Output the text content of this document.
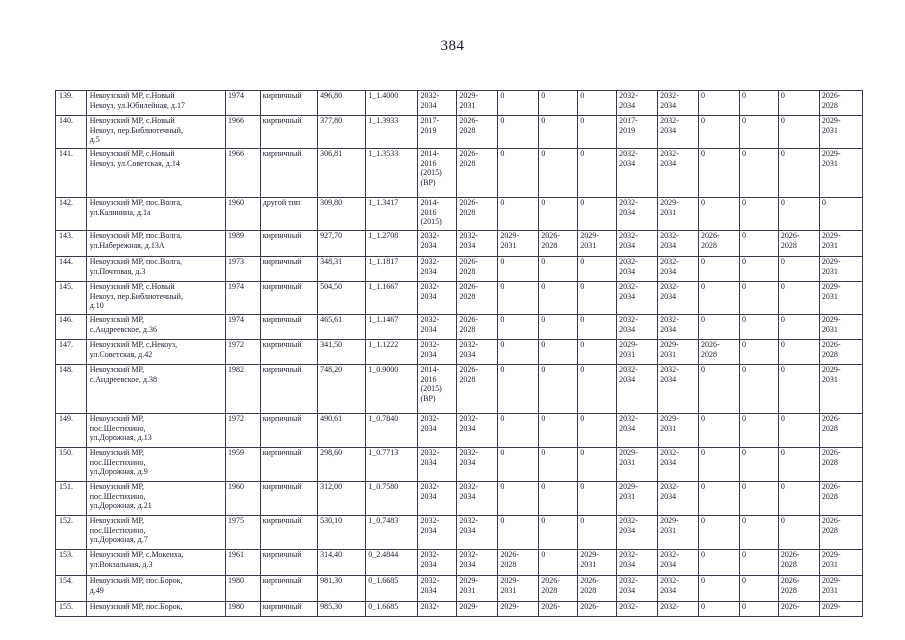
384
139.	Некоузский МР, с.Новый
Некоуз, ул.Юбилейная, д.17	1974	кирпичный	496,80	1_1.4000	2032-
2034	2029-
2031	0	0	0	2032-
2034	2032-
2034	0	0	0	2026-
2028
140.	Некоузский МР, с.Новый
Некоуз, пер.Библиотечный,
д.5	1966	кирпичный	377,80	1_1.3933	2017-
2019	2026-
2028	0	0	0	2017-
2019	2032-
2034	0	0	0	2029-
2031
141.	Некоузский МР, с.Новый
Некоуз, ул.Советская, д.14	1966	кирпичный	306,81	1_1.3533	2014-
2016
(2015)
(ВР)	2026-
2028	0	0	0	2032-
2034	2032-
2034	0	0	0	2029-
2031
142.	Некоузский МР, пос.Волга,
ул.Калинина, д.1а	1960	другой тип	309,80	1_1.3417	2014-
2016
(2015)	2026-
2028	0	0	0	2032-
2034	2029-
2031	0	0	0	0
143.	Некоузский МР, пос.Волга,
ул.Набережная, д.13А	1989	кирпичный	927,70	1_1.2708	2032-
2034	2032-
2034	2029-
2031	2026-
2028	2029-
2031	2032-
2034	2032-
2034	2026-
2028	0	2026-
2028	2029-
2031
144.	Некоузский МР, пос.Волга,
ул.Почтовая, д.3	1973	кирпичный	348,31	1_1.1817	2032-
2034	2026-
2028	0	0	0	2032-
2034	2032-
2034	0	0	0	2029-
2031
145.	Некоузский МР, с.Новый
Некоуз, пер.Библиотечный,
д.10	1974	кирпичный	504,50	1_1.1667	2032-
2034	2026-
2028	0	0	0	2032-
2034	2032-
2034	0	0	0	2029-
2031
146.	Некоузский МР,
с.Андреевское, д.36	1974	кирпичный	465,61	1_1.1467	2032-
2034	2026-
2028	0	0	0	2032-
2034	2032-
2034	0	0	0	2029-
2031
147.	Некоузский МР, с.Некоуз,
ул.Советская, д.42	1972	кирпичный	341,50	1_1.1222	2032-
2034	2032-
2034	0	0	0	2029-
2031	2029-
2031	2026-
2028	0	0	2026-
2028
148.	Некоузский МР,
с.Андреевское, д.38	1982	кирпичный	748,20	1_0.9000	2014-
2016
(2015)
(ВР)	2026-
2028	0	0	0	2032-
2034	2032-
2034	0	0	0	2029-
2031
149.	Некоузский МР,
пос.Шестихино,
ул.Дорожная, д.13	1972	кирпичный	490,61	1_0.7840	2032-
2034	2032-
2034	0	0	0	2032-
2034	2029-
2031	0	0	0	2026-
2028
150.	Некоузский МР,
пос.Шестихино,
ул.Дорожная, д.9	1959	кирпичный	298,60	1_0.7713	2032-
2034	2032-
2034	0	0	0	2029-
2031	2032-
2034	0	0	0	2026-
2028
151.	Некоузский МР,
пос.Шестихино,
ул.Дорожная, д.21	1960	кирпичный	312,00	1_0.7580	2032-
2034	2032-
2034	0	0	0	2029-
2031	2032-
2034	0	0	0	2026-
2028
152.	Некоузский МР,
пос.Шестихино,
ул.Дорожная, д.7	1975	кирпичный	530,10	1_0.7483	2032-
2034	2032-
2034	0	0	0	2032-
2034	2029-
2031	0	0	0	2026-
2028
153.	Некоузский МР, с.Мокеиха,
ул.Вокзальная, д.3	1961	кирпичный	314,40	0_2.4844	2032-
2034	2032-
2034	2026-
2028	0	2029-
2031	2032-
2034	2032-
2034	0	0	2026-
2028	2029-
2031
154.	Некоузский МР, пос.Борок,
д.49	1980	кирпичный	981,30	0_1.6685	2032-
2034	2029-
2031	2029-
2031	2026-
2028	2026-
2028	2032-
2034	2032-
2034	0	0	2026-
2028	2029-
2031
155.	Некоузский МР, пос.Борок,	1980	кирпичный	985,30	0_1.6685	2032-	2029-	2029-	2026-	2026-	2032-	2032-	0	0	2026-	2029-
